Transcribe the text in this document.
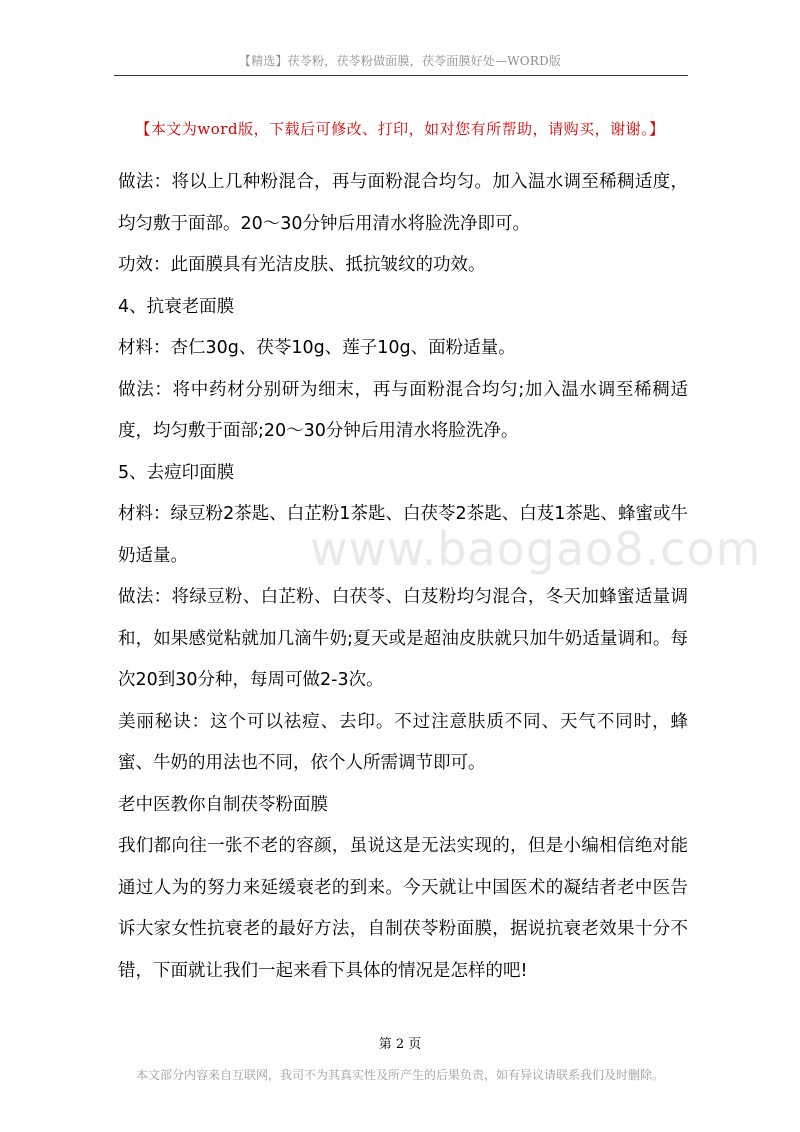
【精选】茯苓粉，茯苓粉做面膜，茯苓面膜好处—WORD版
【本文为word版，下载后可修改、打印，如对您有所帮助，请购买，谢谢。】

做法：将以上几种粉混合，再与面粉混合均匀。加入温水调至稀稠适度，均匀敷于面部。20～30分钟后用清水将脸洗净即可。

功效：此面膜具有光洁皮肤、抵抗皱纹的功效。

4、抗衰老面膜

材料：杏仁30g、茯苓10g、莲子10g、面粉适量。

做法：将中药材分别研为细末，再与面粉混合均匀;加入温水调至稀稠适度，均匀敷于面部;20～30分钟后用清水将脸洗净。

5、去痘印面膜

材料：绿豆粉2茶匙、白芷粉1茶匙、白茯苓2茶匙、白芨1茶匙、蜂蜜或牛奶适量。

做法：将绿豆粉、白芷粉、白茯苓、白芨粉均匀混合，冬天加蜂蜜适量调和，如果感觉粘就加几滴牛奶;夏天或是超油皮肤就只加牛奶适量调和。每次20到30分种，每周可做2-3次。

美丽秘诀：这个可以祛痘、去印。不过注意肤质不同、天气不同时，蜂蜜、牛奶的用法也不同，依个人所需调节即可。

老中医教你自制茯苓粉面膜

我们都向往一张不老的容颜，虽说这是无法实现的，但是小编相信绝对能通过人为的努力来延缓衰老的到来。今天就让中国医术的凝结者老中医告诉大家女性抗衰老的最好方法，自制茯苓粉面膜，据说抗衰老效果十分不错，下面就让我们一起来看下具体的情况是怎样的吧!

www.baogao8.com
第 2 页
本文部分内容来自互联网，我司不为其真实性及所产生的后果负责，如有异议请联系我们及时删除。
